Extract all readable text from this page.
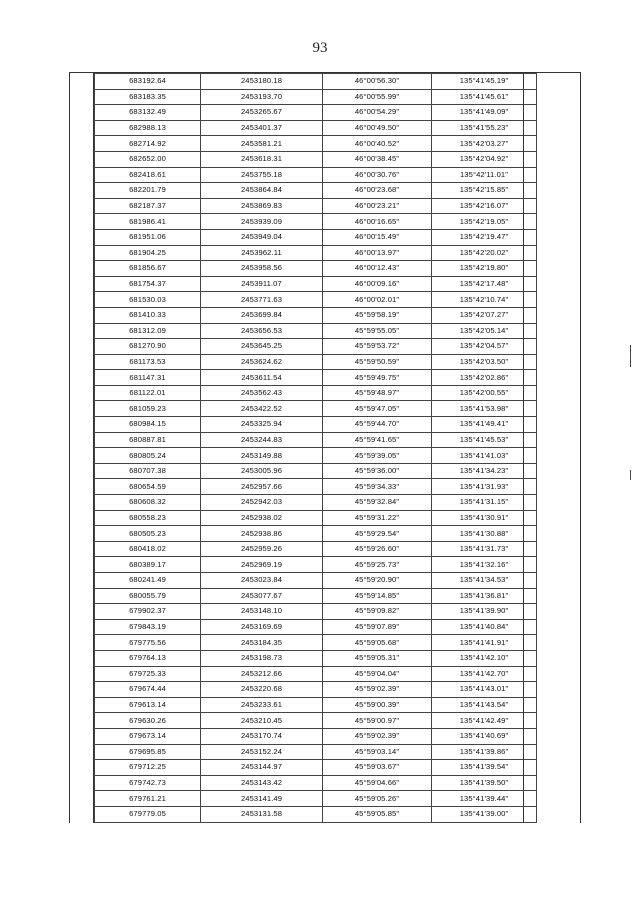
93
683192.64	2453180.18	46°00'56.30"	135°41'45.19"
683183.35	2453193.70	46°00'55.99"	135°41'45.61"
683132.49	2453265.67	46°00'54.29"	135°41'49.09"
682988.13	2453401.37	46°00'49.50"	135°41'55.23"
682714.92	2453581.21	46°00'40.52"	135°42'03.27"
682652.00	2453618.31	46°00'38.45"	135°42'04.92"
682418.61	2453755.18	46°00'30.76"	135°42'11.01"
682201.79	2453864.84	46°00'23.68"	135°42'15.85"
682187.37	2453869.83	46°00'23.21"	135°42'16.07"
681986.41	2453939.09	46°00'16.65"	135°42'19.05"
681951.06	2453949.04	46°00'15.49"	135°42'19.47"
681904.25	2453962.11	46°00'13.97"	135°42'20.02"
681856.67	2453958.56	46°00'12.43"	135°42'19.80"
681754.37	2453911.07	46°00'09.16"	135°42'17.48"
681530.03	2453771.63	46°00'02.01"	135°42'10.74"
681410.33	2453699.84	45°59'58.19"	135°42'07.27"
681312.09	2453656.53	45°59'55.05"	135°42'05.14"
681270.90	2453645.25	45°59'53.72"	135°42'04.57"
681173.53	2453624.62	45°59'50.59"	135°42'03.50"
681147.31	2453611.54	45°59'49.75"	135°42'02.86"
681122.01	2453562.43	45°59'48.97"	135°42'00.55"
681059.23	2453422.52	45°59'47.05"	135°41'53.98"
680984.15	2453325.94	45°59'44.70"	135°41'49.41"
680887.81	2453244.83	45°59'41.65"	135°41'45.53"
680805.24	2453149.88	45°59'39.05"	135°41'41.03"
680707.38	2453005.96	45°59'36.00"	135°41'34.23"
680654.59	2452957.66	45°59'34.33"	135°41'31.93"
680608.32	2452942.03	45°59'32.84"	135°41'31.15"
680558.23	2452938.02	45°59'31.22"	135°41'30.91"
680505.23	2452938.86	45°59'29.54"	135°41'30.88"
680418.02	2452959.26	45°59'26.60"	135°41'31.73"
680389.17	2452969.19	45°59'25.73"	135°41'32.16"
680241.49	2453023.84	45°59'20.90"	135°41'34.53"
680055.79	2453077.67	45°59'14.85"	135°41'36.81"
679902.37	2453148.10	45°59'09.82"	135°41'39.90"
679843.19	2453169.69	45°59'07.89"	135°41'40.84"
679775.56	2453184.35	45°59'05.68"	135°41'41.91"
679764.13	2453198.73	45°59'05.31"	135°41'42.10"
679725.33	2453212.66	45°59'04.04"	135°41'42.70"
679674.44	2453220.68	45°59'02.39"	135°41'43.01"
679613.14	2453233.61	45°59'00.39"	135°41'43.54"
679630.26	2453210.45	45°59'00.97"	135°41'42.49"
679673.14	2453170.74	45°59'02.39"	135°41'40.69"
679695.85	2453152.24	45°59'03.14"	135°41'39.86"
679712.25	2453144.97	45°59'03.67"	135°41'39.54"
679742.73	2453143.42	45°59'04.66"	135°41'39.50"
679761.21	2453141.49	45°59'05.26"	135°41'39.44"
679779.05	2453131.58	45°59'05.85"	135°41'39.00"
